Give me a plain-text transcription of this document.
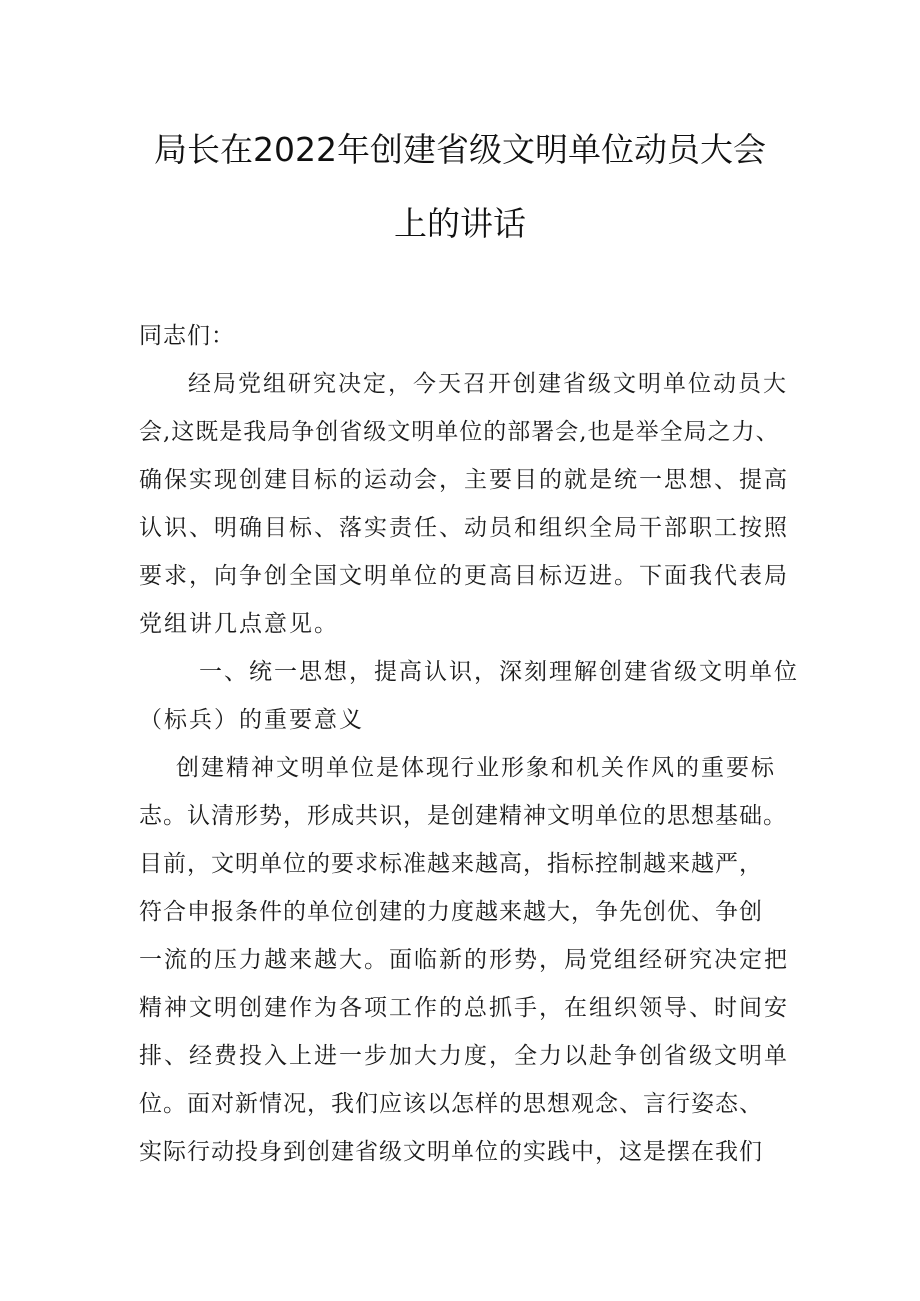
局长在2022年创建省级文明单位动员大会
上的讲话
同志们：
经局党组研究决定，今天召开创建省级文明单位动员大
会,这既是我局争创省级文明单位的部署会,也是举全局之力、
确保实现创建目标的运动会，主要目的就是统一思想、提高
认识、明确目标、落实责任、动员和组织全局干部职工按照
要求，向争创全国文明单位的更高目标迈进。下面我代表局
党组讲几点意见。
一、统一思想，提高认识，深刻理解创建省级文明单位
（标兵）的重要意义
创建精神文明单位是体现行业形象和机关作风的重要标
志。认清形势，形成共识，是创建精神文明单位的思想基础。
目前，文明单位的要求标准越来越高，指标控制越来越严，
符合申报条件的单位创建的力度越来越大，争先创优、争创
一流的压力越来越大。面临新的形势，局党组经研究决定把
精神文明创建作为各项工作的总抓手，在组织领导、时间安
排、经费投入上进一步加大力度，全力以赴争创省级文明单
位。面对新情况，我们应该以怎样的思想观念、言行姿态、
实际行动投身到创建省级文明单位的实践中，这是摆在我们
